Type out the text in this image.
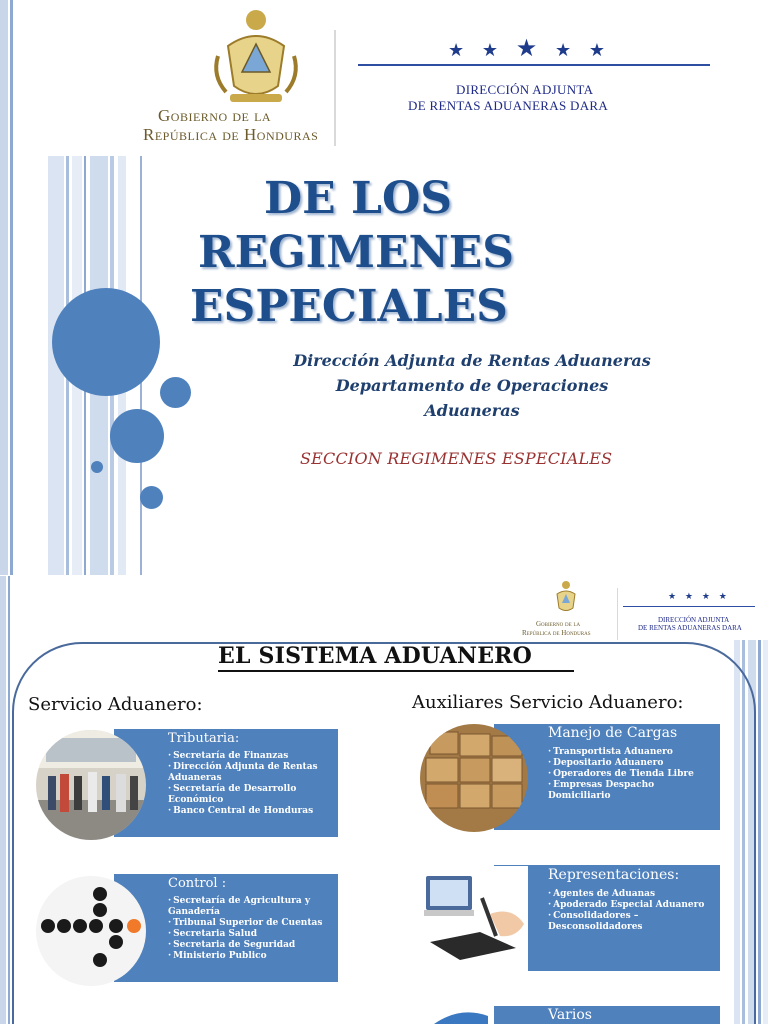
Gobierno de la
República de Honduras
★ ★ ★ ★ ★
DIRECCIÓN ADJUNTA
DE RENTAS ADUANERAS DARA
DE LOS
REGIMENES
ESPECIALES
Dirección Adjunta de Rentas Aduaneras
Departamento de Operaciones
Aduaneras
SECCION REGIMENES ESPECIALES
Gobierno de la
República de Honduras
★ ★ ★ ★
DIRECCIÓN ADJUNTA
DE RENTAS ADUANERAS DARA
EL SISTEMA ADUANERO
Servicio Aduanero:	Auxiliares Servicio Aduanero:
Tributaria:
· Secretaría de Finanzas
· Dirección Adjunta de Rentas Aduaneras
· Secretaría de Desarrollo Económico
· Banco Central de Honduras
Control :
· Secretaría de Agricultura y Ganadería
· Tribunal Superior de Cuentas
· Secretaria Salud
· Secretaria de Seguridad
· Ministerio Publico
Manejo de Cargas
· Transportista Aduanero
· Depositario Aduanero
· Operadores de Tienda Libre
· Empresas Despacho Domiciliario
Representaciones:
· Agentes de Aduanas
· Apoderado Especial Aduanero
· Consolidadores – Desconsolidadores
Varios
